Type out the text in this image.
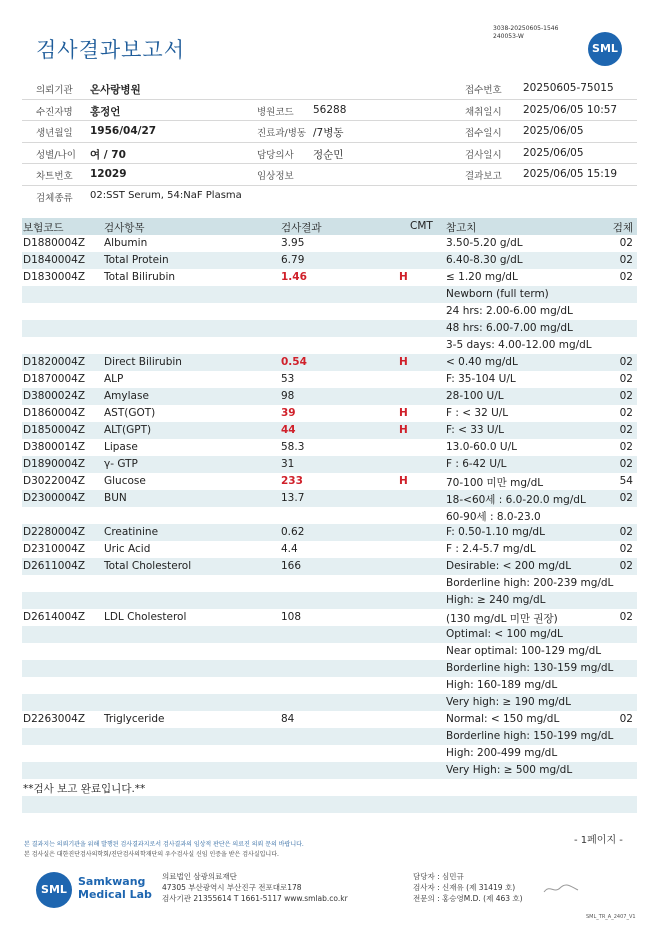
검사결과보고서
3038-20250605-1546
240053-W
SML
의뢰기관 온사랑병원	접수번호 20250605-75015
수진자명 홍정언	병원코드 56288	채취일시 2025/06/05 10:57
생년월일 1956/04/27	진료과/병동 /7병동	접수일시 2025/06/05
성별/나이 여 / 70	담당의사 정순민	검사일시 2025/06/05
차트번호 12029	임상정보	결과보고 2025/06/05 15:19
검체종류 02:SST Serum, 54:NaF Plasma
보험코드	검사항목	검사결과	CMT 참고치	검체
D1880004Z Albumin	3.95	3.50-5.20 g/dL	02
D1840004Z Total Protein	6.79	6.40-8.30 g/dL	02
D1830004Z Total Bilirubin	1.46	H	≤ 1.20 mg/dL	02
Newborn (full term)
24 hrs: 2.00-6.00 mg/dL
48 hrs: 6.00-7.00 mg/dL
3-5 days: 4.00-12.00 mg/dL
D1820004Z Direct Bilirubin	0.54	H	< 0.40 mg/dL	02
D1870004Z ALP	53	F: 35-104 U/L	02
D3800024Z Amylase	98	28-100 U/L	02
D1860004Z AST(GOT)	39	H	F : < 32 U/L	02
D1850004Z ALT(GPT)	44	H	F: < 33 U/L	02
D3800014Z Lipase	58.3	13.0-60.0 U/L	02
D1890004Z γ- GTP	31	F : 6-42 U/L	02
D3022004Z Glucose	233	H	70-100 미만 mg/dL	54
D2300004Z BUN	13.7	18-<60세 : 6.0-20.0 mg/dL	02
60-90세 : 8.0-23.0
D2280004Z Creatinine	0.62	F: 0.50-1.10 mg/dL	02
D2310004Z Uric Acid	4.4	F : 2.4-5.7 mg/dL	02
D2611004Z Total Cholesterol	166	Desirable: < 200 mg/dL	02
Borderline high: 200-239 mg/dL
High: ≥ 240 mg/dL
D2614004Z LDL Cholesterol	108	(130 mg/dL 미만 권장)	02
Optimal: < 100 mg/dL
Near optimal: 100-129 mg/dL
Borderline high: 130-159 mg/dL
High: 160-189 mg/dL
Very high: ≥ 190 mg/dL
D2263004Z Triglyceride	84	Normal: < 150 mg/dL	02
Borderline high: 150-199 mg/dL
High: 200-499 mg/dL
Very High: ≥ 500 mg/dL
**검사 보고 완료입니다.**
- 1페이지 -
본 결과지는 의뢰기관을 위해 발행된 검사결과지로서 검사결과의 임상적 판단은 의료진 의뢰 문의 바랍니다.
본 검사실은 대한진단검사의학회/진단검사의학재단의 우수검사실 신임 인증을 받은 검사실입니다.
SML
Samkwang
Medical Lab
의료법인 삼광의료재단
47305 부산광역시 부산진구 전포대로178
검사기관 21355614 T 1661-5117 www.smlab.co.kr
담당자 : 심민규
검사자 : 신재유 (제 31419 호)
전문의 : 홍승영M.D. (제 463 호)
SML_TR_A_2407_V1
